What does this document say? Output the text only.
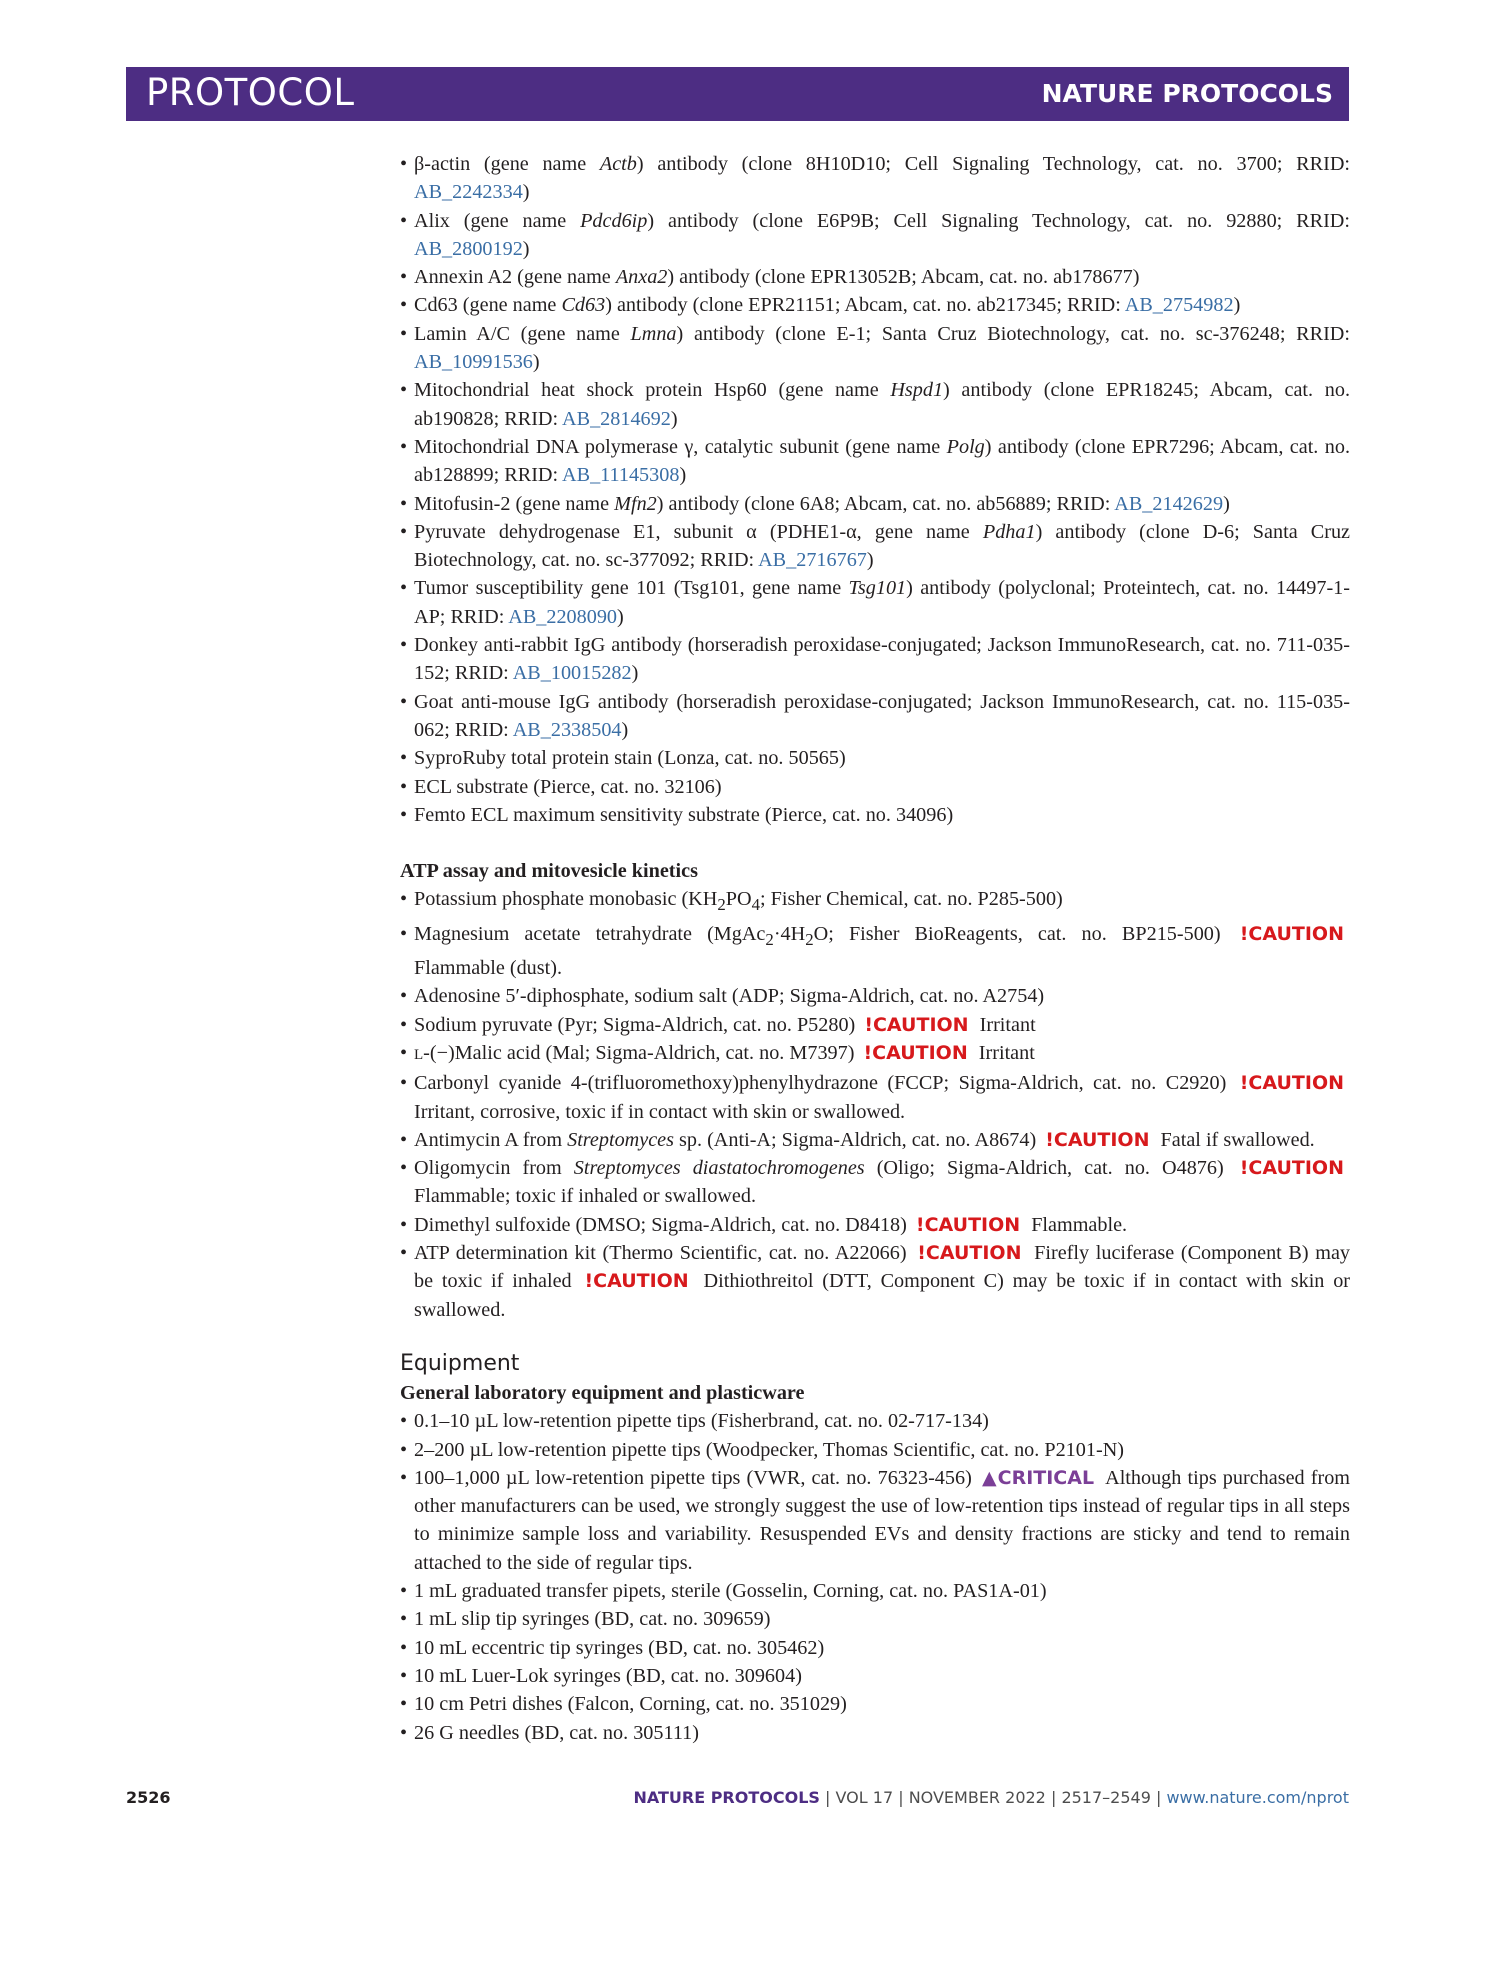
PROTOCOL	NATURE PROTOCOLS
• β-actin (gene name Actb) antibody (clone 8H10D10; Cell Signaling Technology, cat. no. 3700; RRID: AB_2242334)
• Alix (gene name Pdcd6ip) antibody (clone E6P9B; Cell Signaling Technology, cat. no. 92880; RRID: AB_2800192)
• Annexin A2 (gene name Anxa2) antibody (clone EPR13052B; Abcam, cat. no. ab178677)
• Cd63 (gene name Cd63) antibody (clone EPR21151; Abcam, cat. no. ab217345; RRID: AB_2754982)
• Lamin A/C (gene name Lmna) antibody (clone E-1; Santa Cruz Biotechnology, cat. no. sc-376248; RRID: AB_10991536)
• Mitochondrial heat shock protein Hsp60 (gene name Hspd1) antibody (clone EPR18245; Abcam, cat. no. ab190828; RRID: AB_2814692)
• Mitochondrial DNA polymerase γ, catalytic subunit (gene name Polg) antibody (clone EPR7296; Abcam, cat. no. ab128899; RRID: AB_11145308)
• Mitofusin-2 (gene name Mfn2) antibody (clone 6A8; Abcam, cat. no. ab56889; RRID: AB_2142629)
• Pyruvate dehydrogenase E1, subunit α (PDHE1-α, gene name Pdha1) antibody (clone D-6; Santa Cruz Biotechnology, cat. no. sc-377092; RRID: AB_2716767)
• Tumor susceptibility gene 101 (Tsg101, gene name Tsg101) antibody (polyclonal; Proteintech, cat. no. 14497-1-AP; RRID: AB_2208090)
• Donkey anti-rabbit IgG antibody (horseradish peroxidase-conjugated; Jackson ImmunoResearch, cat. no. 711-035-152; RRID: AB_10015282)
• Goat anti-mouse IgG antibody (horseradish peroxidase-conjugated; Jackson ImmunoResearch, cat. no. 115-035-062; RRID: AB_2338504)
• SyproRuby total protein stain (Lonza, cat. no. 50565)
• ECL substrate (Pierce, cat. no. 32106)
• Femto ECL maximum sensitivity substrate (Pierce, cat. no. 34096)

ATP assay and mitovesicle kinetics

• Potassium phosphate monobasic ($KH_2PO_4$; Fisher Chemical, cat. no. P285-500)
• Magnesium acetate tetrahydrate ($MgAc_2\cdot 4H_2O$; Fisher BioReagents, cat. no. BP215-500) !CAUTION Flammable (dust).
• Adenosine 5′-diphosphate, sodium salt (ADP; Sigma-Aldrich, cat. no. A2754)
• Sodium pyruvate (Pyr; Sigma-Aldrich, cat. no. P5280) !CAUTION Irritant
• L-(−)Malic acid (Mal; Sigma-Aldrich, cat. no. M7397) !CAUTION Irritant
• Carbonyl cyanide 4-(trifluoromethoxy)phenylhydrazone (FCCP; Sigma-Aldrich, cat. no. C2920) !CAUTION Irritant, corrosive, toxic if in contact with skin or swallowed.
• Antimycin A from Streptomyces sp. (Anti-A; Sigma-Aldrich, cat. no. A8674) !CAUTION Fatal if swallowed.
• Oligomycin from Streptomyces diastatochromogenes (Oligo; Sigma-Aldrich, cat. no. O4876) !CAUTION Flammable; toxic if inhaled or swallowed.
• Dimethyl sulfoxide (DMSO; Sigma-Aldrich, cat. no. D8418) !CAUTION Flammable.
• ATP determination kit (Thermo Scientific, cat. no. A22066) !CAUTION Firefly luciferase (Component B) may be toxic if inhaled !CAUTION Dithiothreitol (DTT, Component C) may be toxic if in contact with skin or swallowed.

Equipment

General laboratory equipment and plasticware

• 0.1–10 µL low-retention pipette tips (Fisherbrand, cat. no. 02-717-134)
• 2–200 µL low-retention pipette tips (Woodpecker, Thomas Scientific, cat. no. P2101-N)
• 100–1,000 µL low-retention pipette tips (VWR, cat. no. 76323-456) ▲CRITICAL Although tips purchased from other manufacturers can be used, we strongly suggest the use of low-retention tips instead of regular tips in all steps to minimize sample loss and variability. Resuspended EVs and density fractions are sticky and tend to remain attached to the side of regular tips.
• 1 mL graduated transfer pipets, sterile (Gosselin, Corning, cat. no. PAS1A-01)
• 1 mL slip tip syringes (BD, cat. no. 309659)
• 10 mL eccentric tip syringes (BD, cat. no. 305462)
• 10 mL Luer-Lok syringes (BD, cat. no. 309604)
• 10 cm Petri dishes (Falcon, Corning, cat. no. 351029)
• 26 G needles (BD, cat. no. 305111)
2526	NATURE PROTOCOLS | VOL 17 | NOVEMBER 2022 | 2517–2549 | www.nature.com/nprot
